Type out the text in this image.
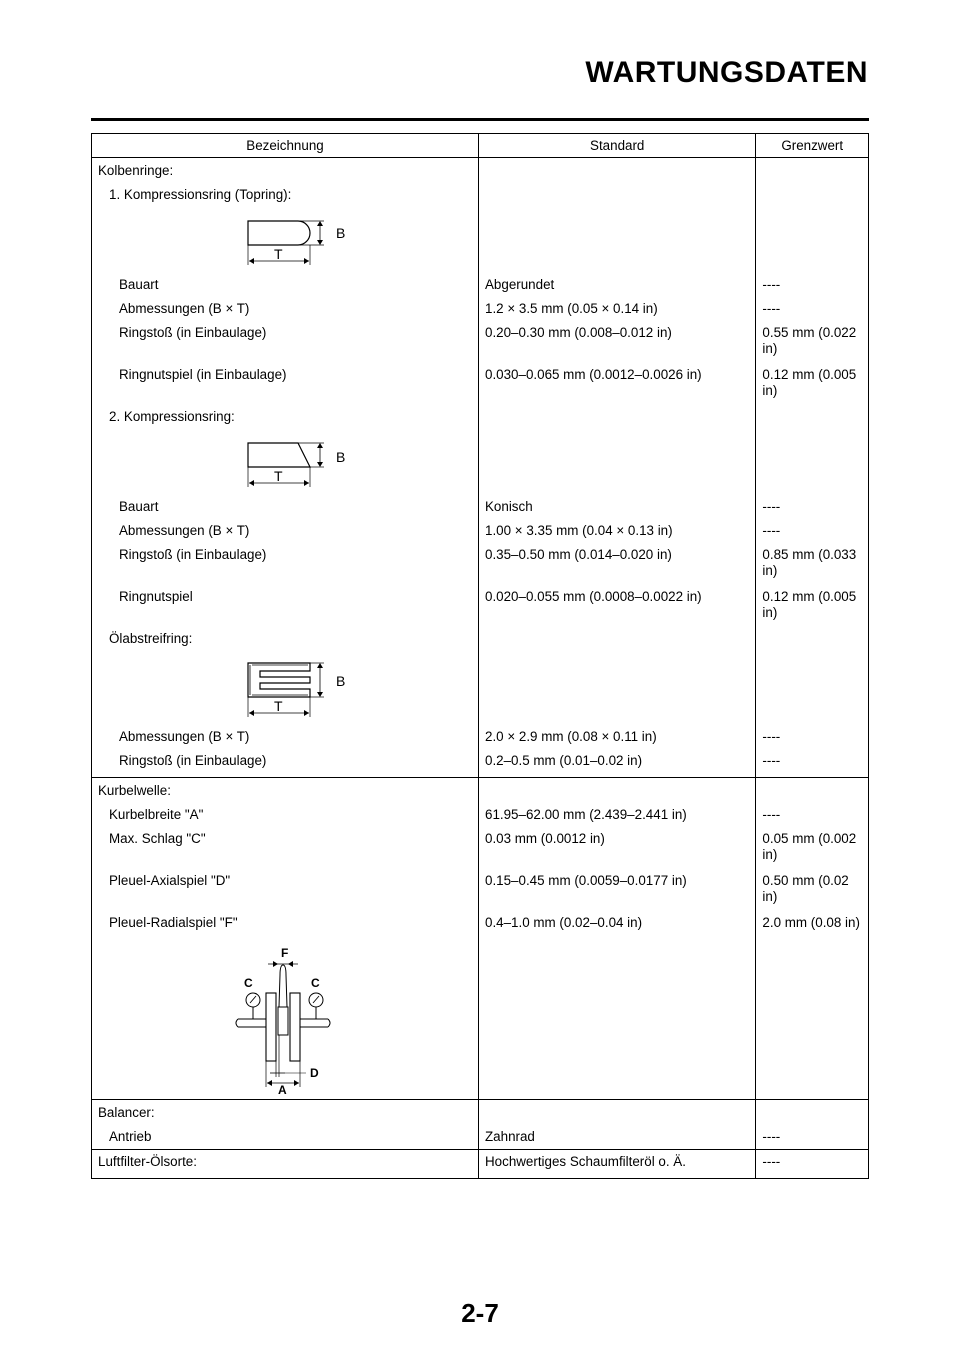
WARTUNGSDATEN
Bezeichnung	Standard	Grenzwert

Kolbenringe:		

1. Kompressionsring (Topring):		

B
T		

Bauart	Abgerundet	----

Abmessungen (B × T)	1.2 × 3.5 mm (0.05 × 0.14 in)	----

Ringstoß (in Einbaulage)	0.20–0.30 mm (0.008–0.012 in)	0.55 mm (0.022 in)

Ringnutspiel (in Einbaulage)	0.030–0.065 mm (0.0012–0.0026 in)	0.12 mm (0.005 in)

2. Kompressionsring:		

B
T		

Bauart	Konisch	----

Abmessungen (B × T)	1.00 × 3.35 mm (0.04 × 0.13 in)	----

Ringstoß (in Einbaulage)	0.35–0.50 mm (0.014–0.020 in)	0.85 mm (0.033 in)

Ringnutspiel	0.020–0.055 mm (0.0008–0.0022 in)	0.12 mm (0.005 in)

Ölabstreifring:		

B
T		

Abmessungen (B × T)	2.0 × 2.9 mm (0.08 × 0.11 in)	----

Ringstoß (in Einbaulage)	0.2–0.5 mm (0.01–0.02 in)	----

Kurbelwelle:		

Kurbelbreite "A"	61.95–62.00 mm (2.439–2.441 in)	----

Max. Schlag "C"	0.03 mm (0.0012 in)	0.05 mm (0.002 in)

Pleuel-Axialspiel "D"	0.15–0.45 mm (0.0059–0.0177 in)	0.50 mm (0.02 in)

Pleuel-Radialspiel "F"	0.4–1.0 mm (0.02–0.04 in)	2.0 mm (0.08 in)

F
C C
D
A		

Balancer:		

Antrieb	Zahnrad	----

Luftfilter-Ölsorte:	Hochwertiges Schaumfilteröl o. Ä.	----
2-7
